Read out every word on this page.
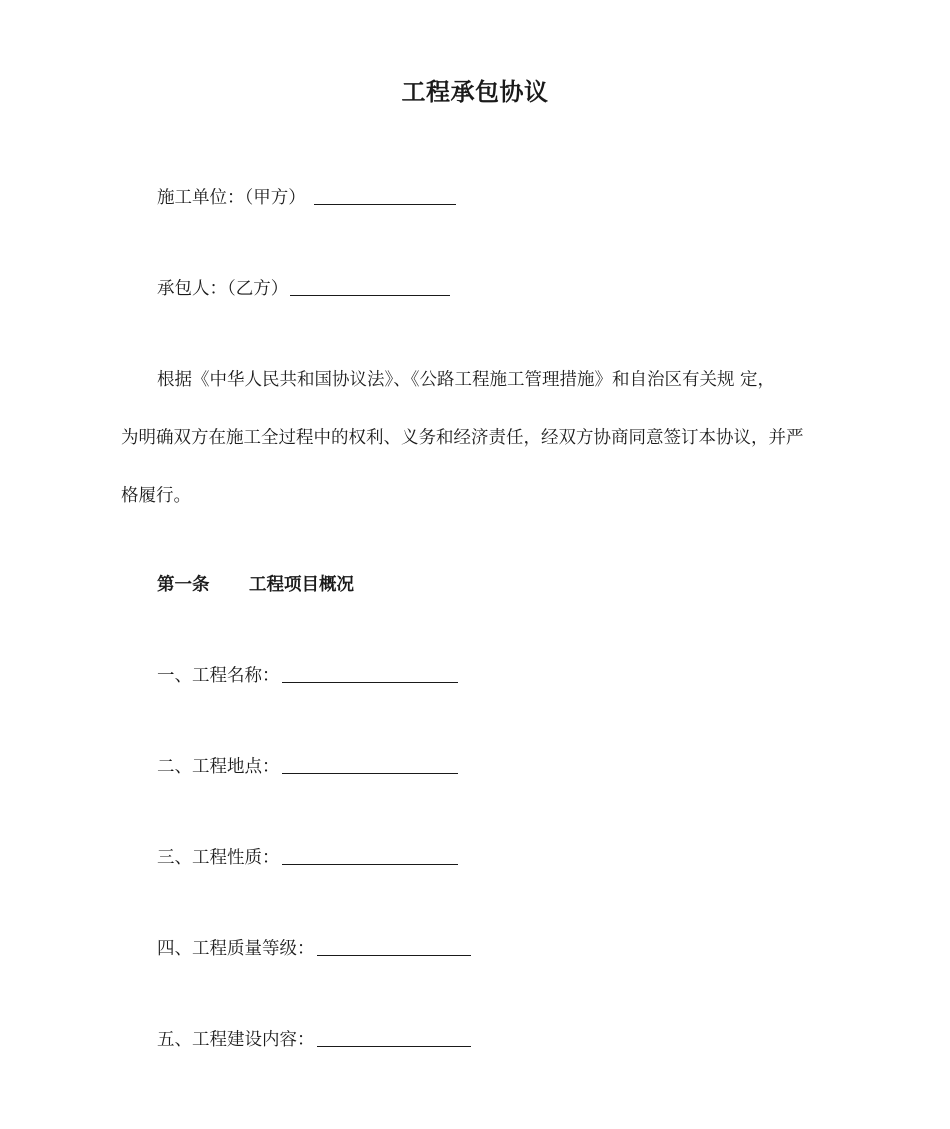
工程承包协议
施工单位：（甲方）
承包人：（乙方）
根据《中华人民共和国协议法》、《公路工程施工管理措施》和自治区有关规 定，
为明确双方在施工全过程中的权利、义务和经济责任，经双方协商同意签订本协议，并严
格履行。
第一条 工程项目概况
一、工程名称：
二、工程地点：
三、工程性质：
四、工程质量等级：
五、工程建设内容：
